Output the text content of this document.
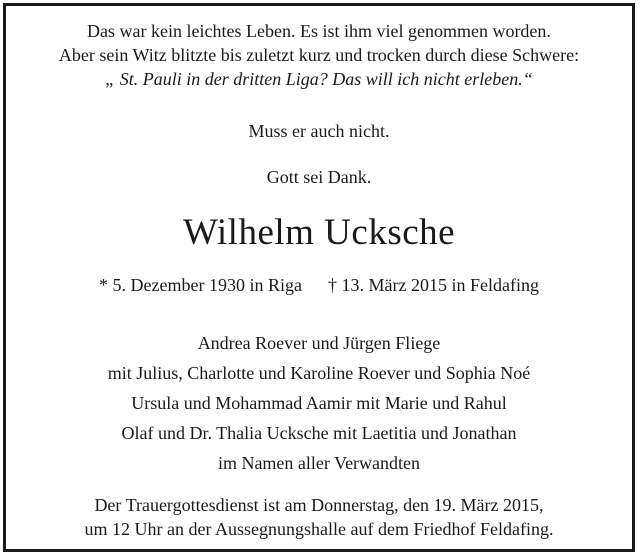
Das war kein leichtes Leben. Es ist ihm viel genommen worden.
Aber sein Witz blitzte bis zuletzt kurz und trocken durch diese Schwere:
„ St. Pauli in der dritten Liga? Das will ich nicht erleben.“
Muss er auch nicht.
Gott sei Dank.
Wilhelm Ucksche
* 5. Dezember 1930 in Riga † 13. März 2015 in Feldafing
Andrea Roever und Jürgen Fliege
mit Julius, Charlotte und Karoline Roever und Sophia Noé
Ursula und Mohammad Aamir mit Marie und Rahul
Olaf und Dr. Thalia Ucksche mit Laetitia und Jonathan
im Namen aller Verwandten
Der Trauergottesdienst ist am Donnerstag, den 19. März 2015,
um 12 Uhr an der Aussegnungshalle auf dem Friedhof Feldafing.
